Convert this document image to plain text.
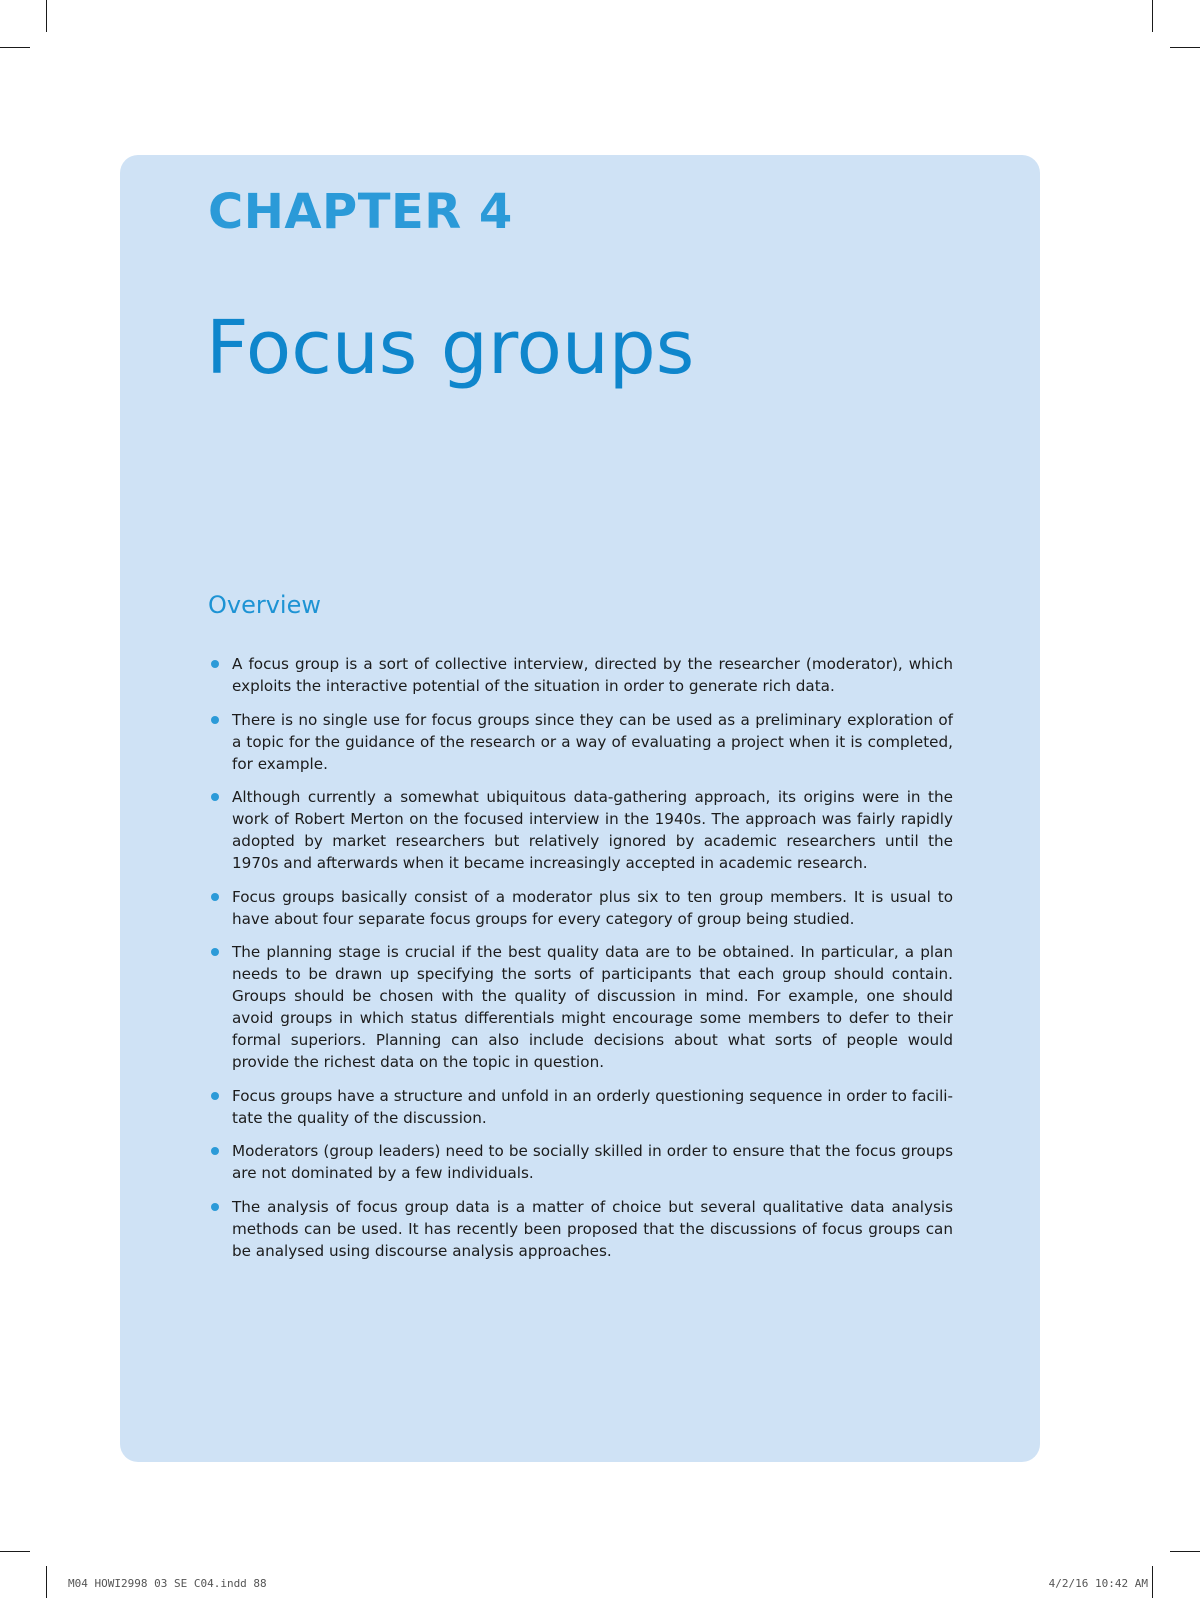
CHAPTER 4
Focus groups
Overview
A focus group is a sort of collective interview, directed by the researcher (moderator), which exploits the interactive potential of the situation in order to generate rich data.
There is no single use for focus groups since they can be used as a preliminary exploration of a topic for the guidance of the research or a way of evaluating a project when it is completed, for example.
Although currently a somewhat ubiquitous data-gathering approach, its origins were in the work of Robert Merton on the focused interview in the 1940s. The approach was fairly rapidly adopted by market researchers but relatively ignored by academic researchers until the 1970s and afterwards when it became increasingly accepted in academic research.
Focus groups basically consist of a moderator plus six to ten group members. It is usual to have about four separate focus groups for every category of group being studied.
The planning stage is crucial if the best quality data are to be obtained. In particular, a plan needs to be drawn up specifying the sorts of participants that each group should contain. Groups should be chosen with the quality of discussion in mind. For example, one should avoid groups in which status differentials might encourage some members to defer to their formal superiors. Planning can also include decisions about what sorts of people would provide the richest data on the topic in question.
Focus groups have a structure and unfold in an orderly questioning sequence in order to facili-tate the quality of the discussion.
Moderators (group leaders) need to be socially skilled in order to ensure that the focus groups are not dominated by a few individuals.
The analysis of focus group data is a matter of choice but several qualitative data analysis methods can be used. It has recently been proposed that the discussions of focus groups can be analysed using discourse analysis approaches.
M04 HOWI2998 03 SE C04.indd 88	4/2/16 10:42 AM
